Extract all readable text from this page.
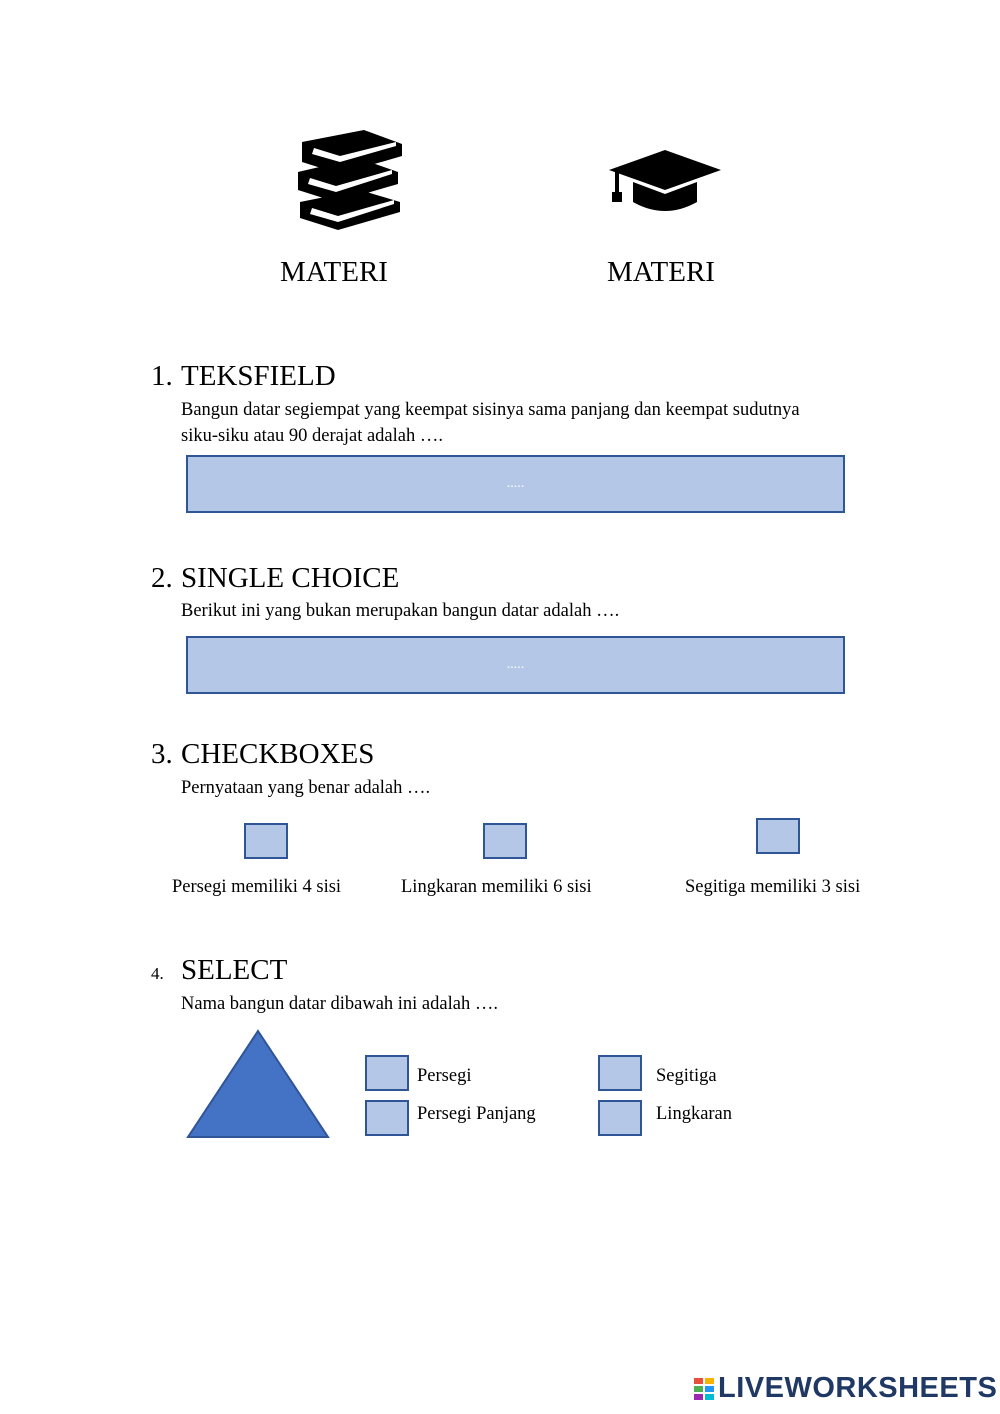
MATERI	MATERI
1. TEKSFIELD
Bangun datar segiempat yang keempat sisinya sama panjang dan keempat sudutnya
siku-siku atau 90 derajat adalah ….
.....
2. SINGLE CHOICE
Berikut ini yang bukan merupakan bangun datar adalah ….
.....
3. CHECKBOXES
Pernyataan yang benar adalah ….
Persegi memiliki 4 sisi	Lingkaran memiliki 6 sisi	Segitiga memiliki 3 sisi
4. SELECT
Nama bangun datar dibawah ini adalah ….
Persegi
Persegi Panjang
Segitiga
Lingkaran
LIVEWORKSHEETS
